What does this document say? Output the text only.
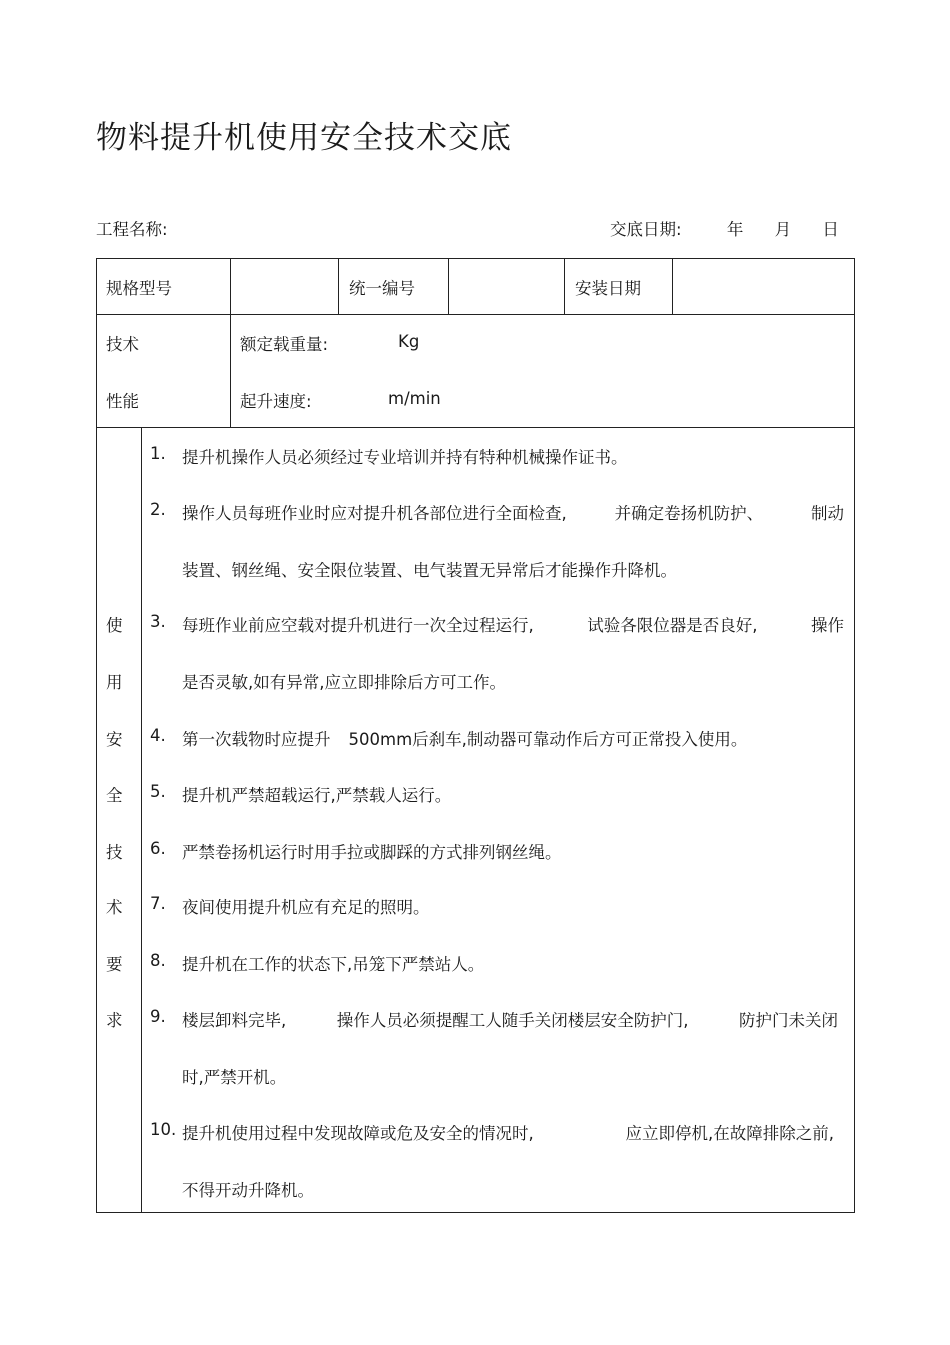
物料提升机使用安全技术交底
工程名称:	交底日期:	年 月 日
规格型号	统一编号	安装日期
技术
性能
额定载重量:	Kg
起升速度:	m/min
使
用
安
全
技
术
要
求
1. 提升机操作人员必须经过专业培训并持有特种机械操作证书。
2. 操作人员每班作业时应对提升机各部位进行全面检查,	并确定卷扬机防护、	制动
装置、钢丝绳、安全限位装置、电气装置无异常后才能操作升降机。
3. 每班作业前应空载对提升机进行一次全过程运行,	试验各限位器是否良好,	操作
是否灵敏,如有异常,应立即排除后方可工作。
4. 第一次载物时应提升 500mm后刹车,制动器可靠动作后方可正常投入使用。
5. 提升机严禁超载运行,严禁载人运行。
6. 严禁卷扬机运行时用手拉或脚踩的方式排列钢丝绳。
7. 夜间使用提升机应有充足的照明。
8. 提升机在工作的状态下,吊笼下严禁站人。
9. 楼层卸料完毕,	操作人员必须提醒工人随手关闭楼层安全防护门,	防护门未关闭
时,严禁开机。
10. 提升机使用过程中发现故障或危及安全的情况时,	应立即停机,在故障排除之前,
不得开动升降机。
